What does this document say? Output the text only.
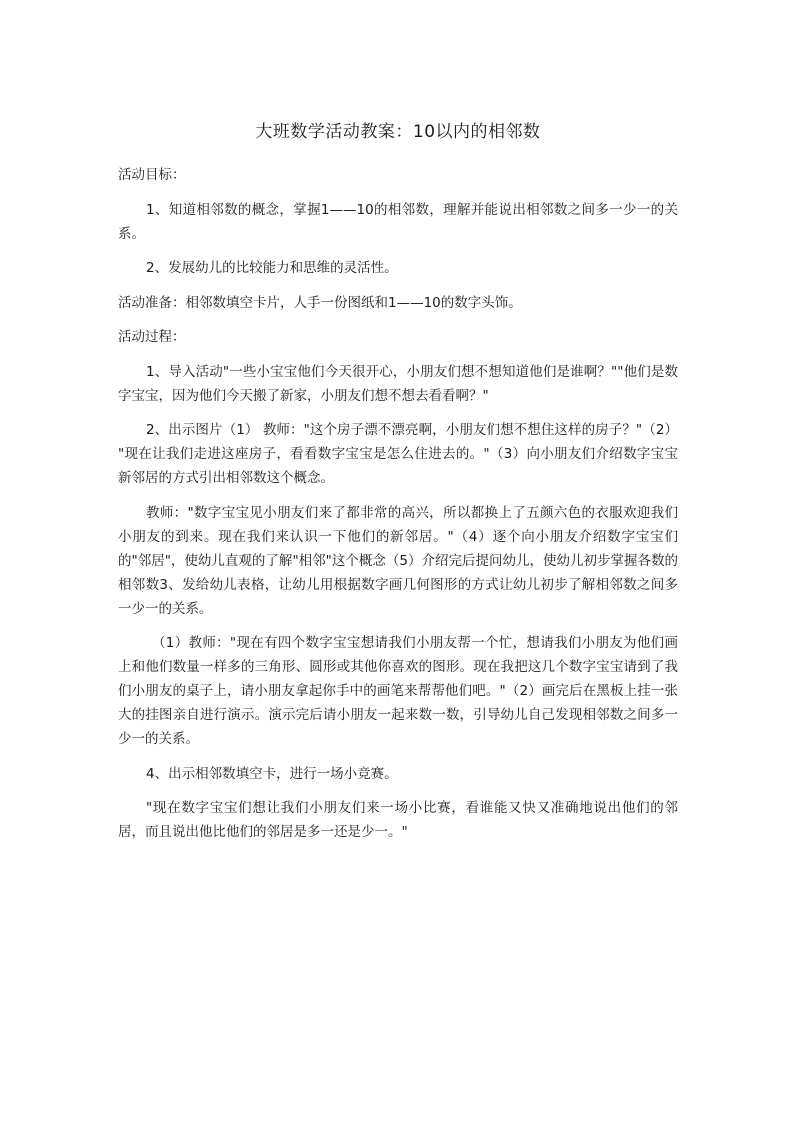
大班数学活动教案：10以内的相邻数

活动目标：

1、知道相邻数的概念，掌握1——10的相邻数，理解并能说出相邻数之间多一少一的关系。

2、发展幼儿的比较能力和思维的灵活性。

活动准备：相邻数填空卡片，人手一份图纸和1——10的数字头饰。

活动过程：

1、导入活动"一些小宝宝他们今天很开心，小朋友们想不想知道他们是谁啊？""他们是数字宝宝，因为他们今天搬了新家，小朋友们想不想去看看啊？"

2、出示图片（1） 教师："这个房子漂不漂亮啊，小朋友们想不想住这样的房子？"（2） "现在让我们走进这座房子，看看数字宝宝是怎么住进去的。"（3）向小朋友们介绍数字宝宝新邻居的方式引出相邻数这个概念。

教师："数字宝宝见小朋友们来了都非常的高兴，所以都换上了五颜六色的衣服欢迎我们小朋友的到来。现在我们来认识一下他们的新邻居。"（4）逐个向小朋友介绍数字宝宝们的"邻居"，使幼儿直观的了解"相邻"这个概念（5）介绍完后提问幼儿，使幼儿初步掌握各数的相邻数3、发给幼儿表格，让幼儿用根据数字画几何图形的方式让幼儿初步了解相邻数之间多一少一的关系。

（1）教师："现在有四个数字宝宝想请我们小朋友帮一个忙，想请我们小朋友为他们画上和他们数量一样多的三角形、圆形或其他你喜欢的图形。现在我把这几个数字宝宝请到了我们小朋友的桌子上，请小朋友拿起你手中的画笔来帮帮他们吧。"（2）画完后在黑板上挂一张大的挂图亲自进行演示。演示完后请小朋友一起来数一数，引导幼儿自己发现相邻数之间多一少一的关系。

4、出示相邻数填空卡，进行一场小竞赛。

"现在数字宝宝们想让我们小朋友们来一场小比赛，看谁能又快又准确地说出他们的邻居，而且说出他比他们的邻居是多一还是少一。"
